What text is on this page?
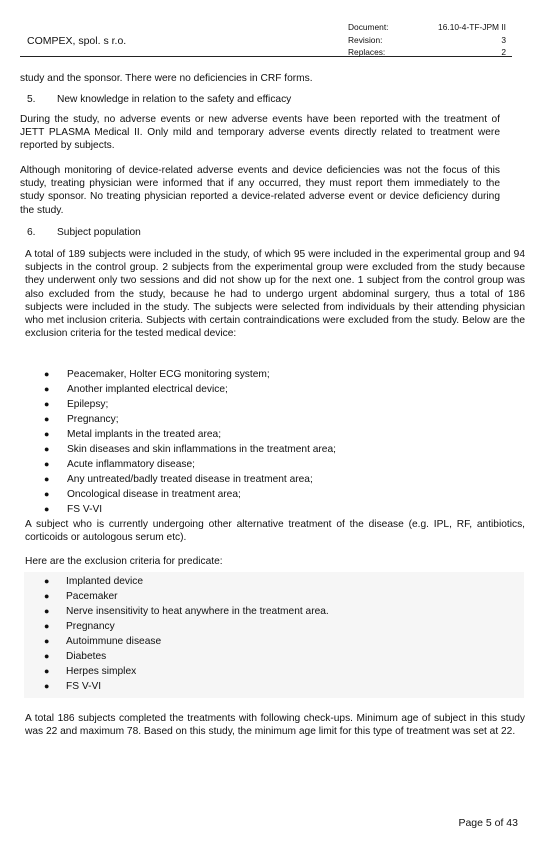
COMPEX, spol. s r.o.
Document:	16.10-4-TF-JPM II
Revision:	3
Replaces:	2

study and the sponsor. There were no deficiencies in CRF forms.

5.	New knowledge in relation to the safety and efficacy

During the study, no adverse events or new adverse events have been reported with the treatment of JETT PLASMA Medical II. Only mild and temporary adverse events directly related to treatment were reported by subjects.

Although monitoring of device-related adverse events and device deficiencies was not the focus of this study, treating physician were informed that if any occurred, they must report them immediately to the study sponsor. No treating physician reported a device-related adverse event or device deficiency during the study.

6.	Subject population

A total of 189 subjects were included in the study, of which 95 were included in the experimental group and 94 subjects in the control group. 2 subjects from the experimental group were excluded from the study because they underwent only two sessions and did not show up for the next one. 1 subject from the control group was also excluded from the study, because he had to undergo urgent abdominal surgery, thus a total of 186 subjects were included in the study. The subjects were selected from individuals by their attending physician who met inclusion criteria. Subjects with certain contraindications were excluded from the study. Below are the exclusion criteria for the tested medical device:

●	Peacemaker, Holter ECG monitoring system;
●	Another implanted electrical device;
●	Epilepsy;
●	Pregnancy;
●	Metal implants in the treated area;
●	Skin diseases and skin inflammations in the treatment area;
●	Acute inflammatory disease;
●	Any untreated/badly treated disease in treatment area;
●	Oncological disease in treatment area;
●	FS V-VI

A subject who is currently undergoing other alternative treatment of the disease (e.g. IPL, RF, antibiotics, corticoids or autologous serum etc).

Here are the exclusion criteria for predicate:

●	Implanted device
●	Pacemaker
●	Nerve insensitivity to heat anywhere in the treatment area.
●	Pregnancy
●	Autoimmune disease
●	Diabetes
●	Herpes simplex
●	FS V-VI

A total 186 subjects completed the treatments with following check-ups. Minimum age of subject in this study was 22 and maximum 78. Based on this study, the minimum age limit for this type of treatment was set at 22.

Page 5 of 43
